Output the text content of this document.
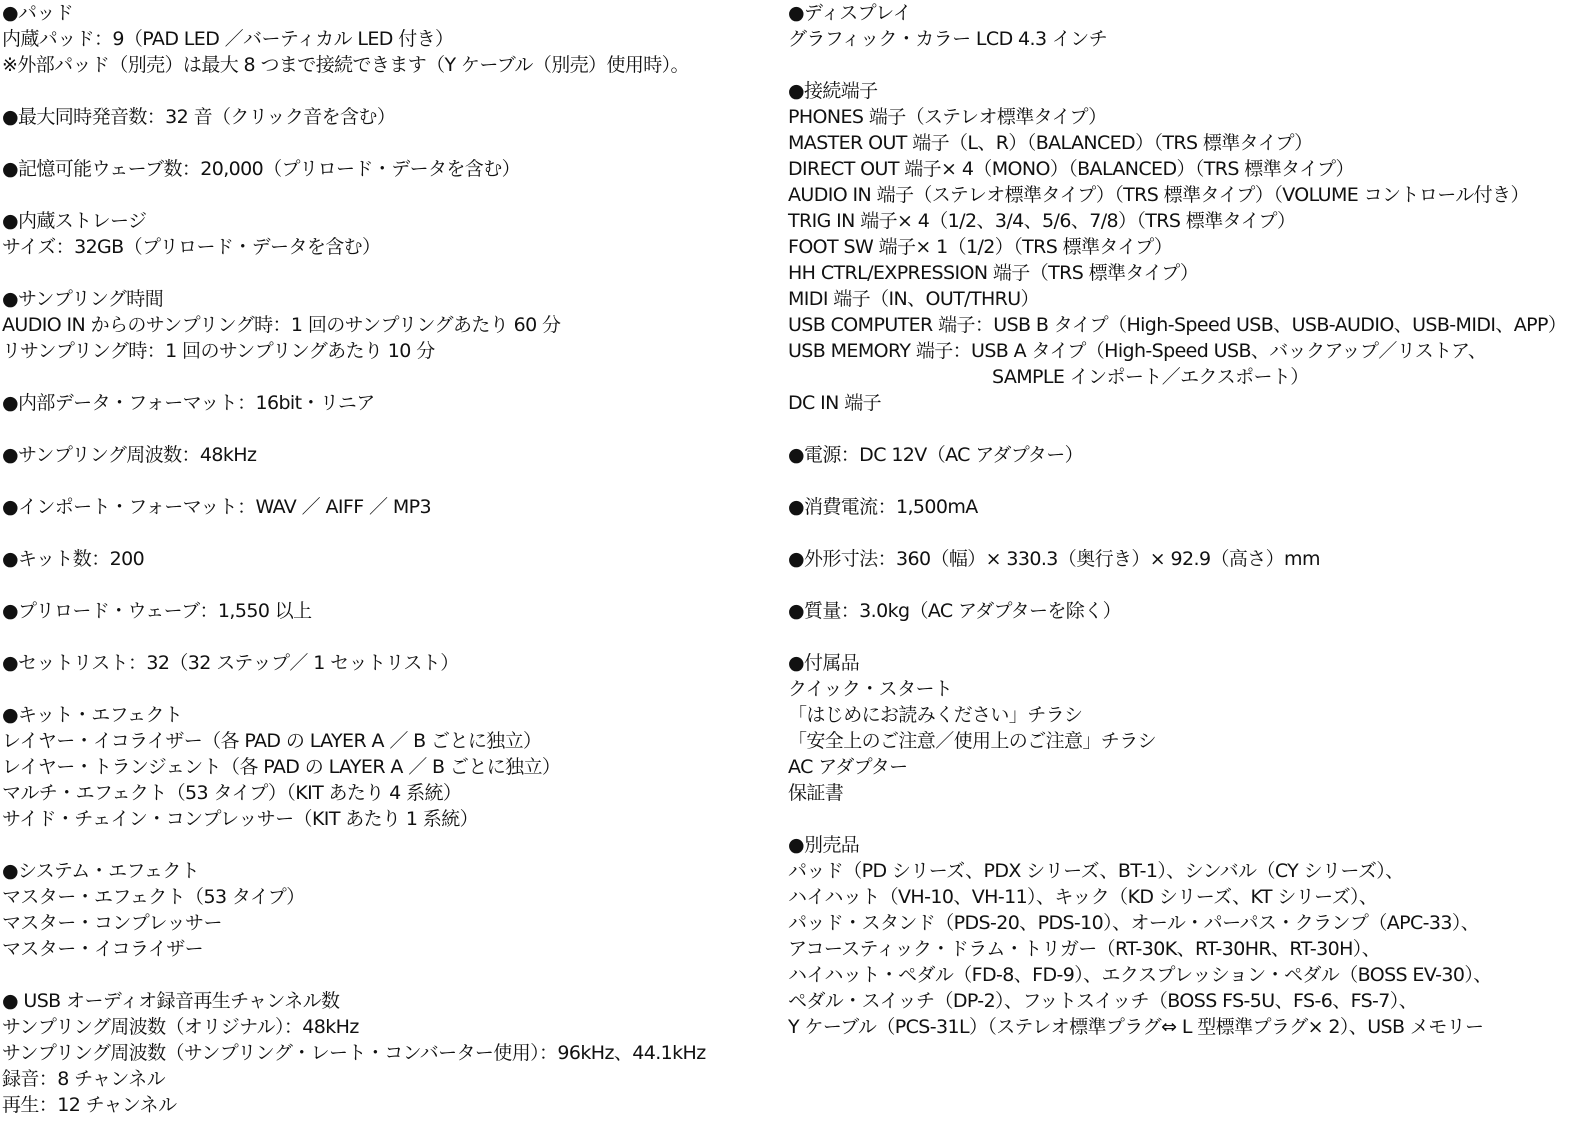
●パッド
内蔵パッド：9（PAD LED ／バーティカル LED 付き）
※外部パッド（別売）は最大 8 つまで接続できます（Y ケーブル（別売）使用時）。
●最大同時発音数：32 音（クリック音を含む）
●記憶可能ウェーブ数：20,000（プリロード・データを含む）
●内蔵ストレージ
サイズ：32GB（プリロード・データを含む）
●サンプリング時間
AUDIO IN からのサンプリング時：1 回のサンプリングあたり 60 分
リサンプリング時：1 回のサンプリングあたり 10 分
●内部データ・フォーマット：16bit・リニア
●サンプリング周波数：48kHz
●インポート・フォーマット：WAV ／ AIFF ／ MP3
●キット数：200
●プリロード・ウェーブ：1,550 以上
●セットリスト：32（32 ステップ／ 1 セットリスト）
●キット・エフェクト
レイヤー・イコライザー（各 PAD の LAYER A ／ B ごとに独立）
レイヤー・トランジェント（各 PAD の LAYER A ／ B ごとに独立）
マルチ・エフェクト（53 タイプ）（KIT あたり 4 系統）
サイド・チェイン・コンプレッサー（KIT あたり 1 系統）
●システム・エフェクト
マスター・エフェクト（53 タイプ）
マスター・コンプレッサー
マスター・イコライザー
● USB オーディオ録音再生チャンネル数
サンプリング周波数（オリジナル）：48kHz
サンプリング周波数（サンプリング・レート・コンバーター使用）：96kHz、44.1kHz
録音：8 チャンネル
再生：12 チャンネル
●ディスプレイ
グラフィック・カラー LCD 4.3 インチ
●接続端子
PHONES 端子（ステレオ標準タイプ）
MASTER OUT 端子（L、R）（BALANCED）（TRS 標準タイプ）
DIRECT OUT 端子× 4（MONO）（BALANCED）（TRS 標準タイプ）
AUDIO IN 端子（ステレオ標準タイプ）（TRS 標準タイプ）（VOLUME コントロール付き）
TRIG IN 端子× 4（1/2、3/4、5/6、7/8）（TRS 標準タイプ）
FOOT SW 端子× 1（1/2）（TRS 標準タイプ）
HH CTRL/EXPRESSION 端子（TRS 標準タイプ）
MIDI 端子（IN、OUT/THRU）
USB COMPUTER 端子：USB B タイプ（High-Speed USB、USB-AUDIO、USB-MIDI、APP）
USB MEMORY 端子：USB A タイプ（High-Speed USB、バックアップ／リストア、
SAMPLE インポート／エクスポート）
DC IN 端子
●電源：DC 12V（AC アダプター）
●消費電流：1,500mA
●外形寸法：360（幅）× 330.3（奥行き）× 92.9（高さ）mm
●質量：3.0kg（AC アダプターを除く）
●付属品
クイック・スタート
「はじめにお読みください」チラシ
「安全上のご注意／使用上のご注意」チラシ
AC アダプター
保証書
●別売品
パッド（PD シリーズ、PDX シリーズ、BT-1）、シンバル（CY シリーズ）、
ハイハット（VH-10、VH-11）、キック（KD シリーズ、KT シリーズ）、
パッド・スタンド（PDS-20、PDS-10）、オール・パーパス・クランプ（APC-33）、
アコースティック・ドラム・トリガー（RT-30K、RT-30HR、RT-30H）、
ハイハット・ペダル（FD-8、FD-9）、エクスプレッション・ペダル（BOSS EV-30）、
ペダル・スイッチ（DP-2）、フットスイッチ（BOSS FS-5U、FS-6、FS-7）、
Y ケーブル（PCS-31L）（ステレオ標準プラグ⇔ L 型標準プラグ× 2）、USB メモリー
